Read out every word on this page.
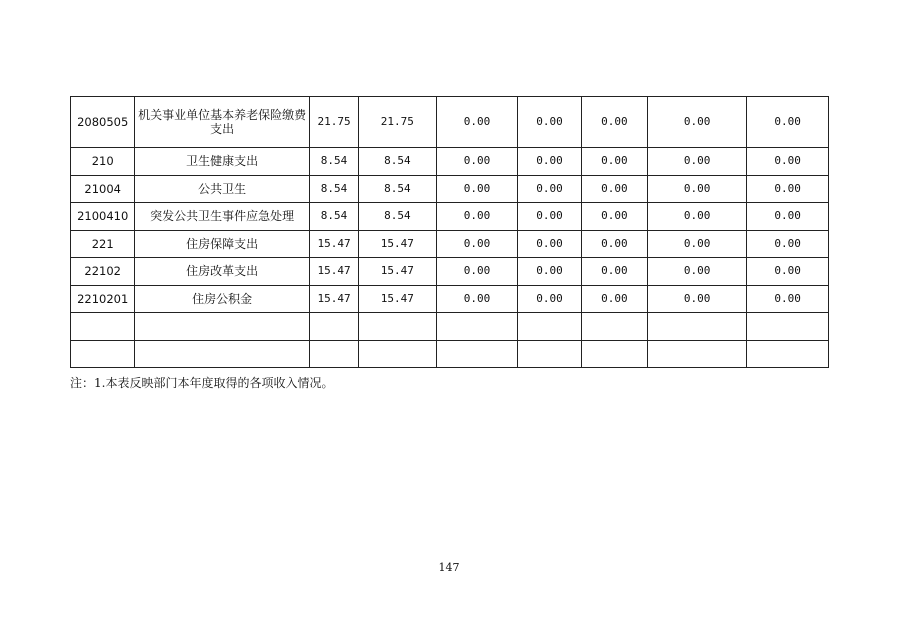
2080505	机关事业单位基本养老保险缴费支出	21.75	21.75	0.00	0.00	0.00	0.00	0.00
210	卫生健康支出	8.54	8.54	0.00	0.00	0.00	0.00	0.00
21004	公共卫生	8.54	8.54	0.00	0.00	0.00	0.00	0.00
2100410	突发公共卫生事件应急处理	8.54	8.54	0.00	0.00	0.00	0.00	0.00
221	住房保障支出	15.47	15.47	0.00	0.00	0.00	0.00	0.00
22102	住房改革支出	15.47	15.47	0.00	0.00	0.00	0.00	0.00
2210201	住房公积金	15.47	15.47	0.00	0.00	0.00	0.00	0.00

注：1.本表反映部门本年度取得的各项收入情况。
147
